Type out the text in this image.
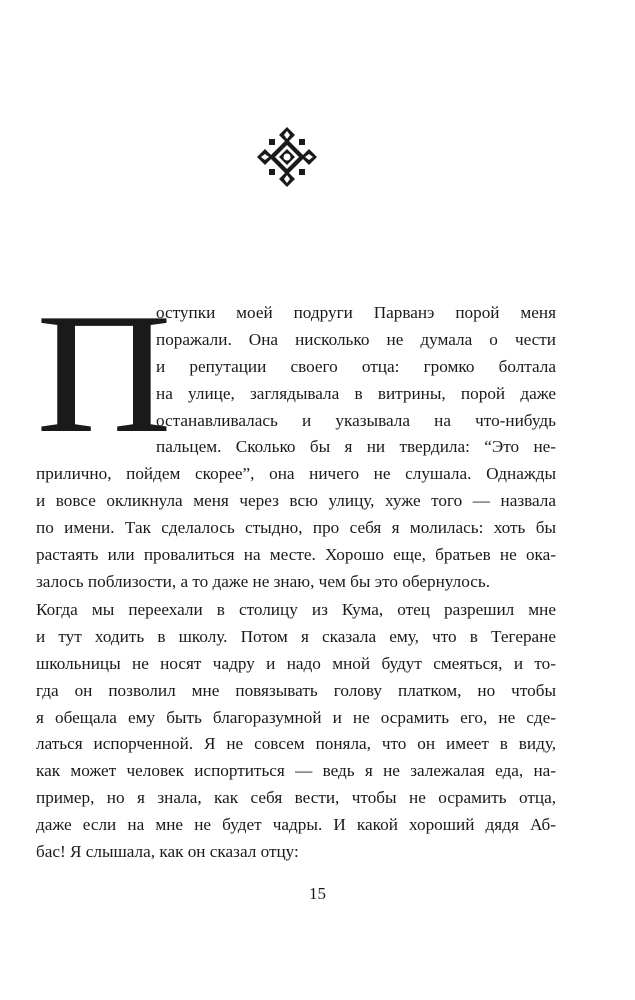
П
оступки моей подруги Парванэ порой меня
поражали. Она нисколько не думала о чести
и репутации своего отца: громко болтала
на улице, заглядывала в витрины, порой даже
останавливалась и указывала на что-нибудь
пальцем. Сколько бы я ни твердила: “Это не-
прилично, пойдем скорее”, она ничего не слушала. Однажды
и вовсе окликнула меня через всю улицу, хуже того — назвала
по имени. Так сделалось стыдно, про себя я молилась: хоть бы
растаять или провалиться на месте. Хорошо еще, братьев не ока-
залось поблизости, а то даже не знаю, чем бы это обернулось.
Когда мы переехали в столицу из Кума, отец разрешил мне
и тут ходить в школу. Потом я сказала ему, что в Тегеране
школьницы не носят чадру и надо мной будут смеяться, и то-
гда он позволил мне повязывать голову платком, но чтобы
я обещала ему быть благоразумной и не осрамить его, не сде-
латься испорченной. Я не совсем поняла, что он имеет в виду,
как может человек испортиться — ведь я не залежалая еда, на-
пример, но я знала, как себя вести, чтобы не осрамить отца,
даже если на мне не будет чадры. И какой хороший дядя Аб-
бас! Я слышала, как он сказал отцу:
15
